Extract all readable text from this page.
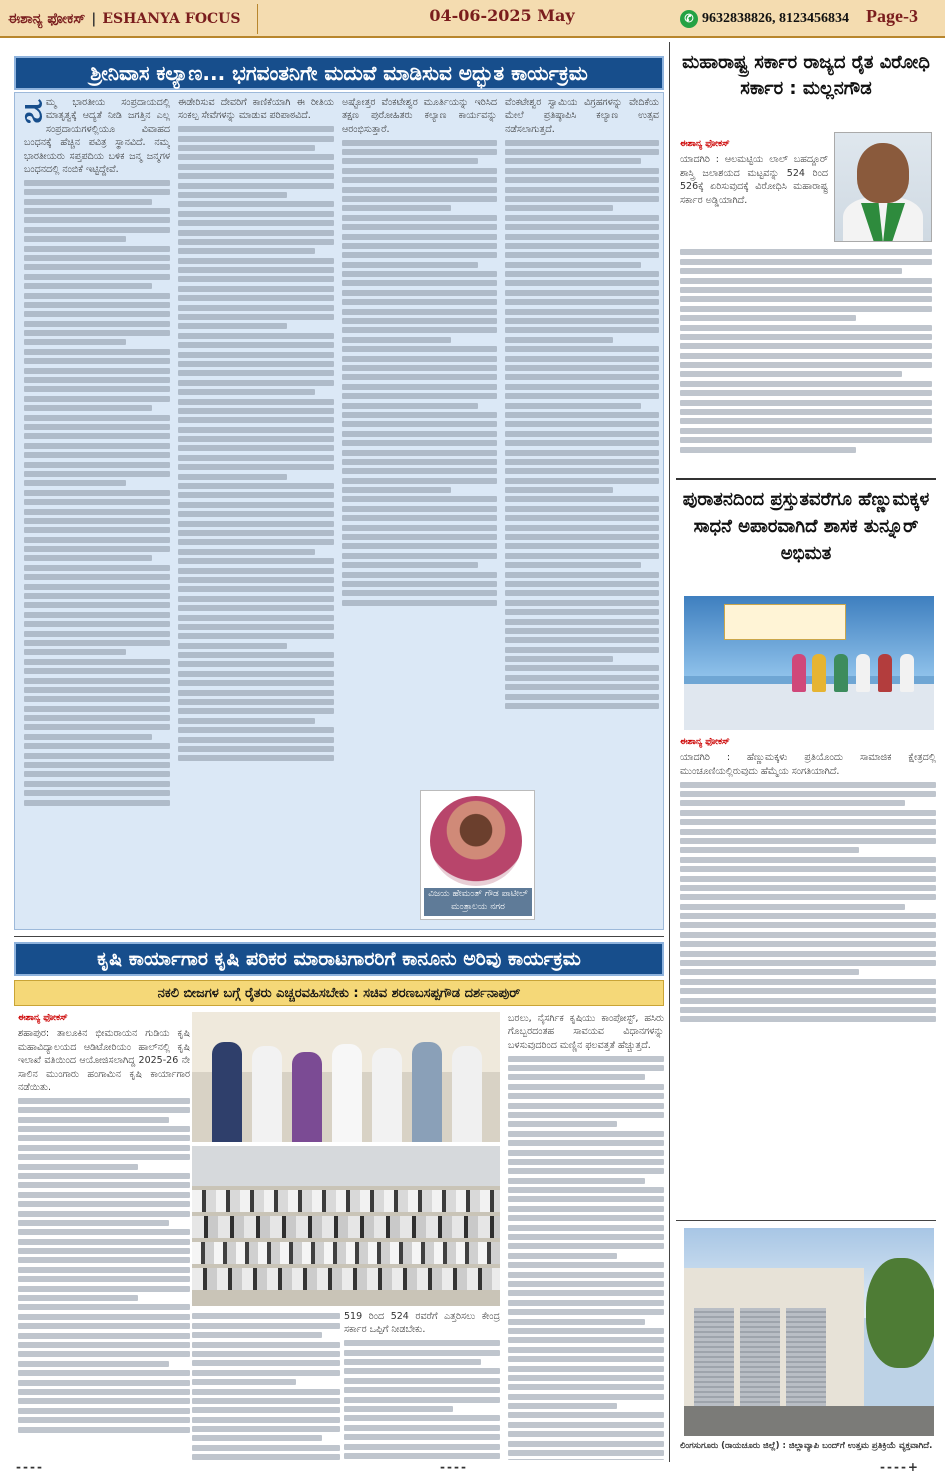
ಈಶಾನ್ಯ ಫೋಕಸ್ | ESHANYA FOCUS	04-06-2025 May	✆ 9632838826, 8123456834 Page-3
ಶ್ರೀನಿವಾಸ ಕಲ್ಯಾಣ... ಭಗವಂತನಿಗೇ ಮದುವೆ ಮಾಡಿಸುವ ಅದ್ಭುತ ಕಾರ್ಯಕ್ರಮ
ನ ಮ್ಮ ಭಾರತೀಯ ಸಂಪ್ರದಾಯದಲ್ಲಿ ಮಾತೃತ್ವಕ್ಕೆ ಆದ್ಯತೆ ನೀಡಿ ಜಗತ್ತಿನ ಎಲ್ಲ ಸಂಪ್ರದಾಯಗಳಲ್ಲಿಯೂ ವಿವಾಹದ ಬಂಧನಕ್ಕೆ ಹೆಚ್ಚಿನ ಪವಿತ್ರ ಸ್ಥಾನವಿದೆ. ನಮ್ಮ ಭಾರತೀಯರು ಸಪ್ತಪದಿಯ ಬಳಿಕ ಜನ್ಮ ಜನ್ಮಗಳ ಬಂಧನದಲ್ಲಿ ನಂಬಿಕೆ ಇಟ್ಟಿದ್ದೇವೆ.
ಈಡೇರಿಸುವ ದೇವರಿಗೆ ಕಾಣಿಕೆಯಾಗಿ ಈ ರೀತಿಯ ಸಂಕಲ್ಪ ಸೇವೆಗಳನ್ನು ಮಾಡುವ ಪರಿಪಾಠವಿದೆ.
ಅಷ್ಟೋತ್ತರ ವೆಂಕಟೇಶ್ವರ ಮೂರ್ತಿಯನ್ನು ಇರಿಸಿದ ತಕ್ಷಣ ಪುರೋಹಿತರು ಕಲ್ಯಾಣ ಕಾರ್ಯವನ್ನು ಆರಂಭಿಸುತ್ತಾರೆ.
ವೆಂಕಟೇಶ್ವರ ಸ್ವಾಮಿಯ ವಿಗ್ರಹಗಳನ್ನು ವೇದಿಕೆಯ ಮೇಲೆ ಪ್ರತಿಷ್ಠಾಪಿಸಿ ಕಲ್ಯಾಣ ಉತ್ಸವ ನಡೆಸಲಾಗುತ್ತದೆ.
ವಿಜಯ ಹೇಮಂತ್ ಗೌಡ ಪಾಟೀಲ್
ಮಂತ್ರಾಲಯ ನಗರ
ಮಹಾರಾಷ್ಟ್ರ ಸರ್ಕಾರ ರಾಜ್ಯದ ರೈತ ವಿರೋಧಿ ಸರ್ಕಾರ : ಮಲ್ಲನಗೌಡ
ಈಶಾನ್ಯ ಫೋಕಸ್
ಯಾದಗಿರಿ : ಆಲಮಟ್ಟಿಯ ಲಾಲ್ ಬಹದ್ದೂರ್ ಶಾಸ್ತ್ರಿ ಜಲಾಶಯದ ಮಟ್ಟವನ್ನು 524 ರಿಂದ 526ಕ್ಕೆ ಏರಿಸುವುದಕ್ಕೆ ವಿರೋಧಿಸಿ ಮಹಾರಾಷ್ಟ್ರ ಸರ್ಕಾರ ಅಡ್ಡಿಯಾಗಿದೆ.
ಪುರಾತನದಿಂದ ಪ್ರಸ್ತುತವರೆಗೂ ಹೆಣ್ಣುಮಕ್ಕಳ ಸಾಧನೆ ಅಪಾರವಾಗಿದೆ ಶಾಸಕ ತುನ್ನೂರ್ ಅಭಿಮತ
ಈಶಾನ್ಯ ಫೋಕಸ್
ಯಾದಗಿರಿ : ಹೆಣ್ಣುಮಕ್ಕಳು ಪ್ರತಿಯೊಂದು ಸಾಮಾಜಿಕ ಕ್ಷೇತ್ರದಲ್ಲಿ ಮುಂಚೂಣಿಯಲ್ಲಿರುವುದು ಹೆಮ್ಮೆಯ ಸಂಗತಿಯಾಗಿದೆ.
ಲಿಂಗಸುಗೂರು (ರಾಯಚೂರು ಜಿಲ್ಲೆ) : ಜಿಲ್ಲಾವ್ಯಾಪಿ ಬಂದ್‌ಗೆ ಉತ್ತಮ ಪ್ರತಿಕ್ರಿಯೆ ವ್ಯಕ್ತವಾಗಿದೆ.
ಕೃಷಿ ಕಾರ್ಯಾಗಾರ ಕೃಷಿ ಪರಿಕರ ಮಾರಾಟಗಾರರಿಗೆ ಕಾನೂನು ಅರಿವು ಕಾರ್ಯಕ್ರಮ
ನಕಲಿ ಬೀಜಗಳ ಬಗ್ಗೆ ರೈತರು ಎಚ್ಚರವಹಿಸಬೇಕು : ಸಚಿವ ಶರಣಬಸಪ್ಪಗೌಡ ದರ್ಶನಾಪುರ್
ಈಶಾನ್ಯ ಫೋಕಸ್
ಶಹಾಪುರ: ತಾಲೂಕಿನ ಭೀಮರಾಯನ ಗುಡಿಯ ಕೃಷಿ ಮಹಾವಿದ್ಯಾಲಯದ ಆಡಿಟೋರಿಯಂ ಹಾಲ್‌ನಲ್ಲಿ ಕೃಷಿ ಇಲಾಖೆ ವತಿಯಿಂದ ಆಯೋಜಿಸಲಾಗಿದ್ದ 2025-26 ನೇ ಸಾಲಿನ ಮುಂಗಾರು ಹಂಗಾಮಿನ ಕೃಷಿ ಕಾರ್ಯಾಗಾರ ನಡೆಯಿತು.
519 ರಿಂದ 524 ರವರೆಗೆ ಎತ್ತರಿಸಲು ಕೇಂದ್ರ ಸರ್ಕಾರ ಒಪ್ಪಿಗೆ ನೀಡಬೇಕು.
ಬರಲು, ನೈಸರ್ಗಿಕ ಕೃಷಿಯು ಕಾಂಪೋಸ್ಟ್, ಹಸಿರು ಗೊಬ್ಬರದಂತಹ ಸಾವಯವ ವಿಧಾನಗಳನ್ನು ಬಳಸುವುದರಿಂದ ಮಣ್ಣಿನ ಫಲವತ್ತತೆ ಹೆಚ್ಚುತ್ತದೆ.
----	----	----+
